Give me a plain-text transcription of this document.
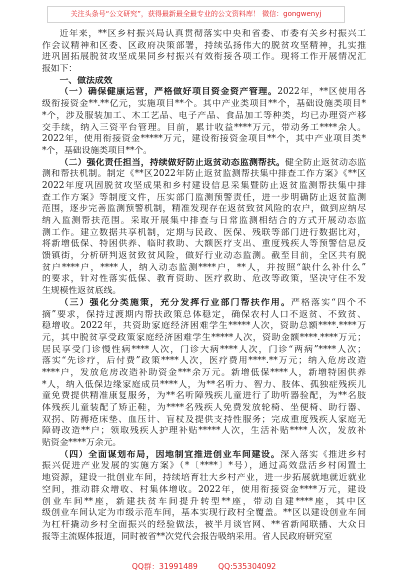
关注头条号“公文研究”，获得最新最全最专业的公文资料库！ 微信：gongwenyj
近年来，**区乡村振兴局认真贯彻落实中央和省委、市委有关乡村振兴工
作会议精神和区委、区政府决策部署，持续弘扬伟大的脱贫攻坚精神，扎实推
进巩固拓展脱贫攻坚成果同乡村振兴有效衔接各项工作。现将工作开展情况汇
报如下：
一、做法成效
（一）确保健康运营，严格做好项目资金资产管理。2022年，**区使用各
级衔接资金**.**亿元，实施项目**个。其中产业类项目**个，基础设施类项目*
*个，涉及服装加工、木工艺品、电子产品、食品加工等种类，均已办理资产移
交手续，纳入三资平台管理。目前，累计收益****万元，带动务工****余人。
2022年，使用衔接资金*****万元，建设衔接资金项目**个，其中产业项目类*
*个，基础设施类项目**个。
（二）强化责任担当，持续做好防止返贫动态监测帮扶。健全防止返贫动态监
测和帮扶机制。制定《**区2022年防止返贫监测帮扶集中排查工作方案》《**区
2022年度巩固脱贫攻坚成果和乡村建设信息采集暨防止返贫监测帮扶集中排
查工作方案》等制度文件，压实部门监测预警责任，进一步明确防止返贫监测
范围，逐步完善监测预警机制，精准发现存在返贫致贫风险的农户，做到应纳尽
纳入监测帮扶范围。采取开展集中排查与日常监测相结合的方式开展动态监
测工作。建立数据共享机制，定期与民政、医保、残联等部门进行数据比对，
将新增低保、特困供养、临时救助、大额医疗支出、重度残疾人等预警信息反
馈镇街，分析研判返贫致贫风险，做好行业动态监测。截至目前，全区共有脱
贫户****户，****人，纳入动态监测****户，**人，并按照“缺什么补什么”
的要求，针对性落实低保、教育资助、医疗救助、危改等政策，坚决守住不发
生规模性返贫底线。
（三）强化分类施策，充分发挥行业部门帮扶作用。严格落实“四个不
摘”要求，保持过渡期内帮扶政策总体稳定，确保农村人口不返贫、不致贫、
稳增收。2022年，共资助家庭经济困难学生*****人次，资助总额****.****万
元，其中脱贫享受政策家庭经济困难学生*****人次，资助金额****.****万元；
居民享受门诊慢性病****人次，门诊大病****人次，门诊“两病”****人次；
落实“先诊疗，后付费”政策****人次，医疗费用****.**万元；纳入危房改造
****户，发放危房改造补助资金***余万元。新增低保****人，新增特困供养
*人，纳入低保边缘家庭成员****人，为**名听力、智力、肢体、孤独症残疾儿
童免费提供精准康复服务，为**名听障残疾儿童进行了助听器验配，为**名肢
体残疾儿童装配了矫正鞋，为****名残疾人免费发放轮椅、坐便椅、助行器、
双拐、防褥疮床垫、血压计、盲杖及提供支持性服务；完成重度残疾人家庭无
障碍改造**户；领取残疾人护理补贴*****人次，生活补贴****人次，发放补
贴资金****万余元。
（四）全面谋划布局，因地制宜推进创业车间建设。深入落实《推进乡村
振兴促进产业发展的实施方案》（*〔****〕*号），通过高效盘活乡村闲置土
地资源，建设一批创业车间，持续培育壮大乡村产业，进一步拓展就地就近就业
空间，推动群众增收、村集体增收。2022年，使用衔接资金****万元，建设
创业车间**座，新建扶贫车间提升转型**座，带动自建****座，其中区
级创业车间认定为市级示范车间，基本实现行政村全覆盖。**区以建设创业车间
为杠杆撬动乡村全面振兴的经验做法，被半月谈官网、**省新闻联播、大众日
报等主流媒体报道，同时被省**次党代会报告吸纳采用。省人民政府研究室
QQ群：31991489	QQ:535304092
